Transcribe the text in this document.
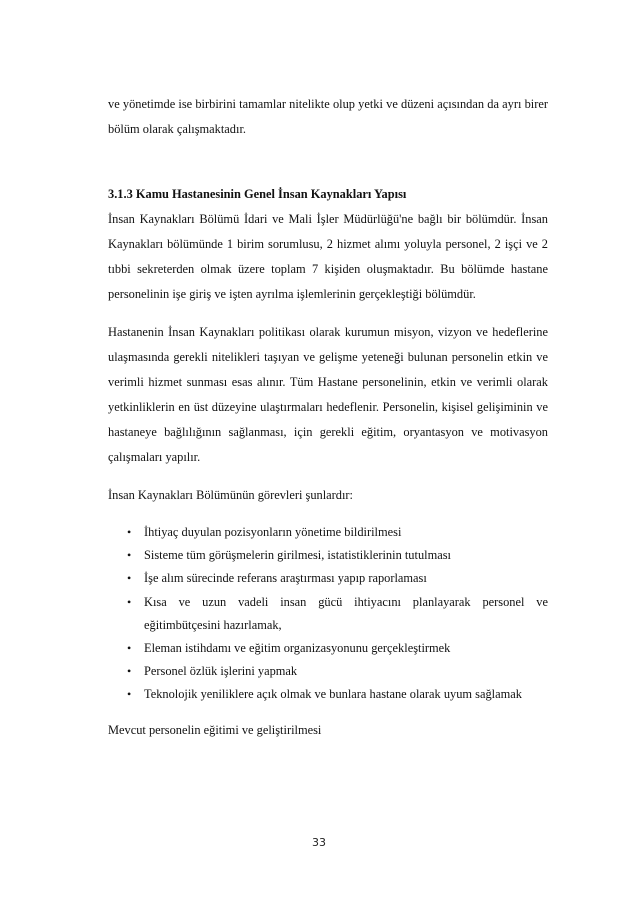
ve yönetimde ise birbirini tamamlar nitelikte olup yetki ve düzeni açısından da ayrı birer bölüm olarak çalışmaktadır.

3.1.3 Kamu Hastanesinin Genel İnsan Kaynakları Yapısı

İnsan Kaynakları Bölümü İdari ve Mali İşler Müdürlüğü'ne bağlı bir bölümdür. İnsan Kaynakları bölümünde 1 birim sorumlusu, 2 hizmet alımı yoluyla personel, 2 işçi ve 2 tıbbi sekreterden olmak üzere toplam 7 kişiden oluşmaktadır. Bu bölümde hastane personelinin işe giriş ve işten ayrılma işlemlerinin gerçekleştiği bölümdür.

Hastanenin İnsan Kaynakları politikası olarak kurumun misyon, vizyon ve hedeflerine ulaşmasında gerekli nitelikleri taşıyan ve gelişme yeteneği bulunan personelin etkin ve verimli hizmet sunması esas alınır. Tüm Hastane personelinin, etkin ve verimli olarak yetkinliklerin en üst düzeyine ulaştırmaları hedeflenir. Personelin, kişisel gelişiminin ve hastaneye bağlılığının sağlanması, için gerekli eğitim, oryantasyon ve motivasyon çalışmaları yapılır.

İnsan Kaynakları Bölümünün görevleri şunlardır:

• İhtiyaç duyulan pozisyonların yönetime bildirilmesi
• Sisteme tüm görüşmelerin girilmesi, istatistiklerinin tutulması
• İşe alım sürecinde referans araştırması yapıp raporlaması
• Kısa ve uzun vadeli insan gücü ihtiyacını planlayarak personel ve eğitimbütçesini hazırlamak,
• Eleman istihdamı ve eğitim organizasyonunu gerçekleştirmek
• Personel özlük işlerini yapmak
• Teknolojik yeniliklere açık olmak ve bunlara hastane olarak uyum sağlamak

Mevcut personelin eğitimi ve geliştirilmesi

33
